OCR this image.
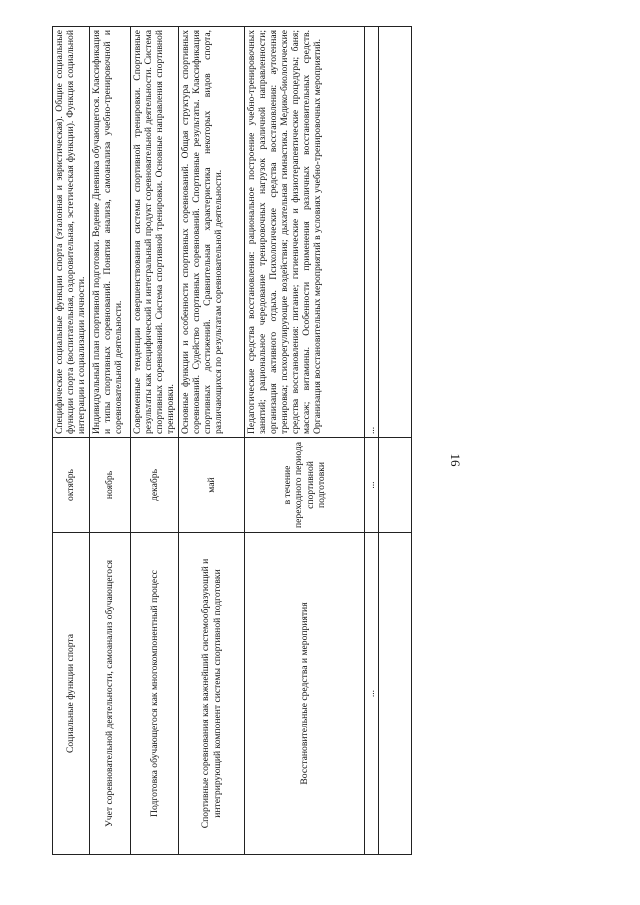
16
Социальные функции спорта	октябрь	Специфические социальные функции спорта (эталонная и эвристическая). Общие социальные функции спорта (воспитательная, оздоровительная, эстетическая функции). Функция социальной интеграции и социализации личности.
Учет соревновательной деятельности, самоанализ обучающегося	ноябрь	Индивидуальный план спортивной подготовки. Ведение Дневника обучающегося. Классификация и типы спортивных соревнований. Понятия анализа, самоанализа учебно-тренировочной и соревновательной деятельности.
Подготовка обучающегося как многокомпонентный процесс	декабрь	Современные тенденции совершенствования системы спортивной тренировки. Спортивные результаты как специфический и интегральный продукт соревновательной деятельности. Система спортивных соревнований. Система спортивной тренировки. Основные направления спортивной тренировки.
Спортивные соревнования как важнейший системообразующий и интегрирующий компонент системы спортивной подготовки	май	Основные функции и особенности спортивных соревнований. Общая структура спортивных соревнований. Судейство спортивных соревнований. Спортивные результаты. Классификация спортивных достижений. Сравнительная характеристика некоторых видов спорта, различающихся по результатам соревновательной деятельности.
Восстановительные средства и мероприятия	в течение переходного периода спортивной подготовки	Педагогические средства восстановления: рациональное построение учебно-тренировочных занятий; рациональное чередование тренировочных нагрузок различной направленности; организация активного отдыха. Психологические средства восстановления: аутогенная тренировка; психорегулирующие воздействия; дыхательная гимнастика. Медико-биологические средства восстановления: питание; гигиенические и физиотерапевтические процедуры; баня; массаж; витамины. Особенности применения различных восстановительных средств. Организация восстановительных мероприятий в условиях учебно-тренировочных мероприятий.
...	...	...
